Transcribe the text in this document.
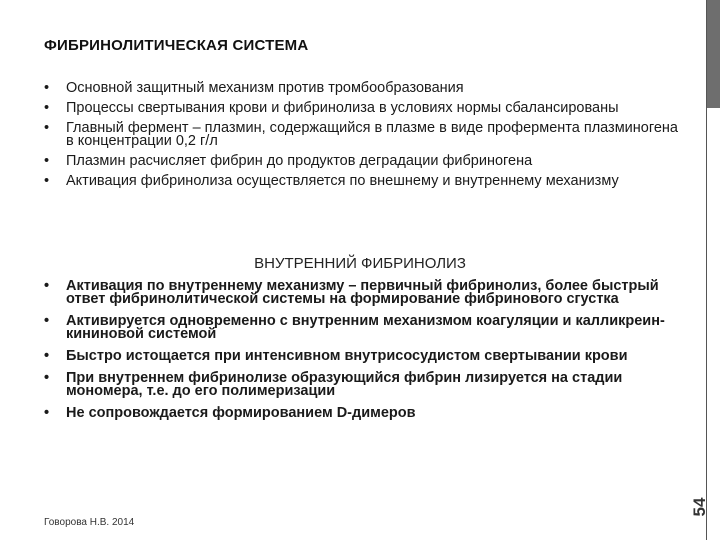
ФИБРИНОЛИТИЧЕСКАЯ СИСТЕМА
• Основной защитный механизм против тромбообразования
• Процессы свертывания крови и фибринолиза в условиях нормы сбалансированы
• Главный фермент – плазмин, содержащийся в плазме в виде профермента плазминогена в концентрации 0,2 г/л
• Плазмин расчисляет фибрин до продуктов деградации фибриногена
• Активация фибринолиза осуществляется по внешнему и внутреннему механизму
ВНУТРЕННИЙ ФИБРИНОЛИЗ
• Активация по внутреннему механизму – первичный фибринолиз, более быстрый ответ фибринолитической системы на формирование фибринового сгустка
• Активируется одновременно с внутренним механизмом коагуляции и калликреин-кининовой системой
• Быстро истощается при интенсивном внутрисосудистом свертывании крови
• При внутреннем фибринолизе образующийся фибрин лизируется на стадии мономера, т.е. до его полимеризации
• Не сопровождается формированием D-димеров
54
Говорова Н.В. 2014
